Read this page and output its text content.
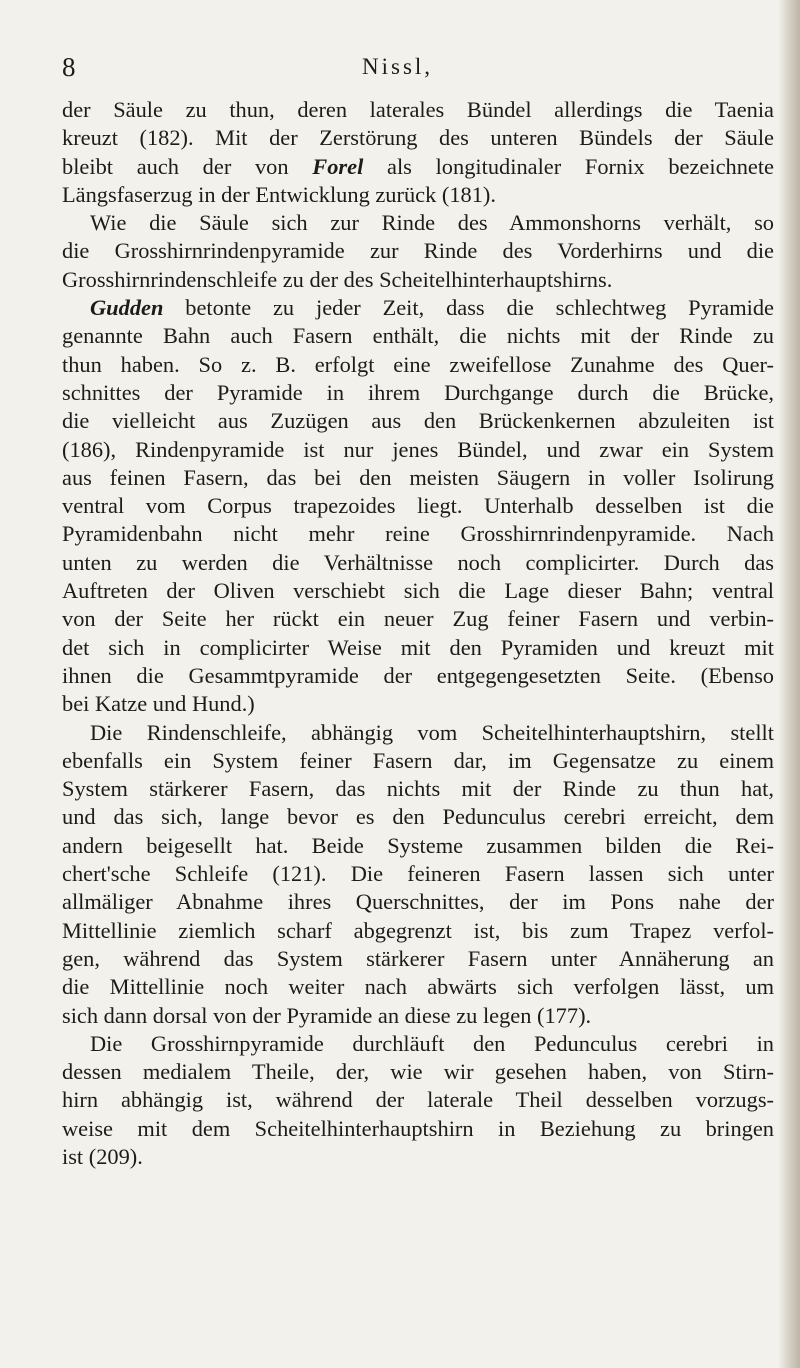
8	Nissl,
der Säule zu thun, deren laterales Bündel allerdings die Taenia
kreuzt (182). Mit der Zerstörung des unteren Bündels der Säule
bleibt auch der von Forel als longitudinaler Fornix bezeichnete
Längsfaserzug in der Entwicklung zurück (181).
Wie die Säule sich zur Rinde des Ammonshorns verhält, so
die Grosshirnrindenpyramide zur Rinde des Vorderhirns und die
Grosshirnrindenschleife zu der des Scheitelhinterhauptshirns.
Gudden betonte zu jeder Zeit, dass die schlechtweg Pyramide
genannte Bahn auch Fasern enthält, die nichts mit der Rinde zu
thun haben. So z. B. erfolgt eine zweifellose Zunahme des Quer-
schnittes der Pyramide in ihrem Durchgange durch die Brücke,
die vielleicht aus Zuzügen aus den Brückenkernen abzuleiten ist
(186), Rindenpyramide ist nur jenes Bündel, und zwar ein System
aus feinen Fasern, das bei den meisten Säugern in voller Isolirung
ventral vom Corpus trapezoides liegt. Unterhalb desselben ist die
Pyramidenbahn nicht mehr reine Grosshirnrindenpyramide. Nach
unten zu werden die Verhältnisse noch complicirter. Durch das
Auftreten der Oliven verschiebt sich die Lage dieser Bahn; ventral
von der Seite her rückt ein neuer Zug feiner Fasern und verbin-
det sich in complicirter Weise mit den Pyramiden und kreuzt mit
ihnen die Gesammtpyramide der entgegengesetzten Seite. (Ebenso
bei Katze und Hund.)
Die Rindenschleife, abhängig vom Scheitelhinterhauptshirn, stellt
ebenfalls ein System feiner Fasern dar, im Gegensatze zu einem
System stärkerer Fasern, das nichts mit der Rinde zu thun hat,
und das sich, lange bevor es den Pedunculus cerebri erreicht, dem
andern beigesellt hat. Beide Systeme zusammen bilden die Rei-
chert'sche Schleife (121). Die feineren Fasern lassen sich unter
allmäliger Abnahme ihres Querschnittes, der im Pons nahe der
Mittellinie ziemlich scharf abgegrenzt ist, bis zum Trapez verfol-
gen, während das System stärkerer Fasern unter Annäherung an
die Mittellinie noch weiter nach abwärts sich verfolgen lässt, um
sich dann dorsal von der Pyramide an diese zu legen (177).
Die Grosshirnpyramide durchläuft den Pedunculus cerebri in
dessen medialem Theile, der, wie wir gesehen haben, von Stirn-
hirn abhängig ist, während der laterale Theil desselben vorzugs-
weise mit dem Scheitelhinterhauptshirn in Beziehung zu bringen
ist (209).
